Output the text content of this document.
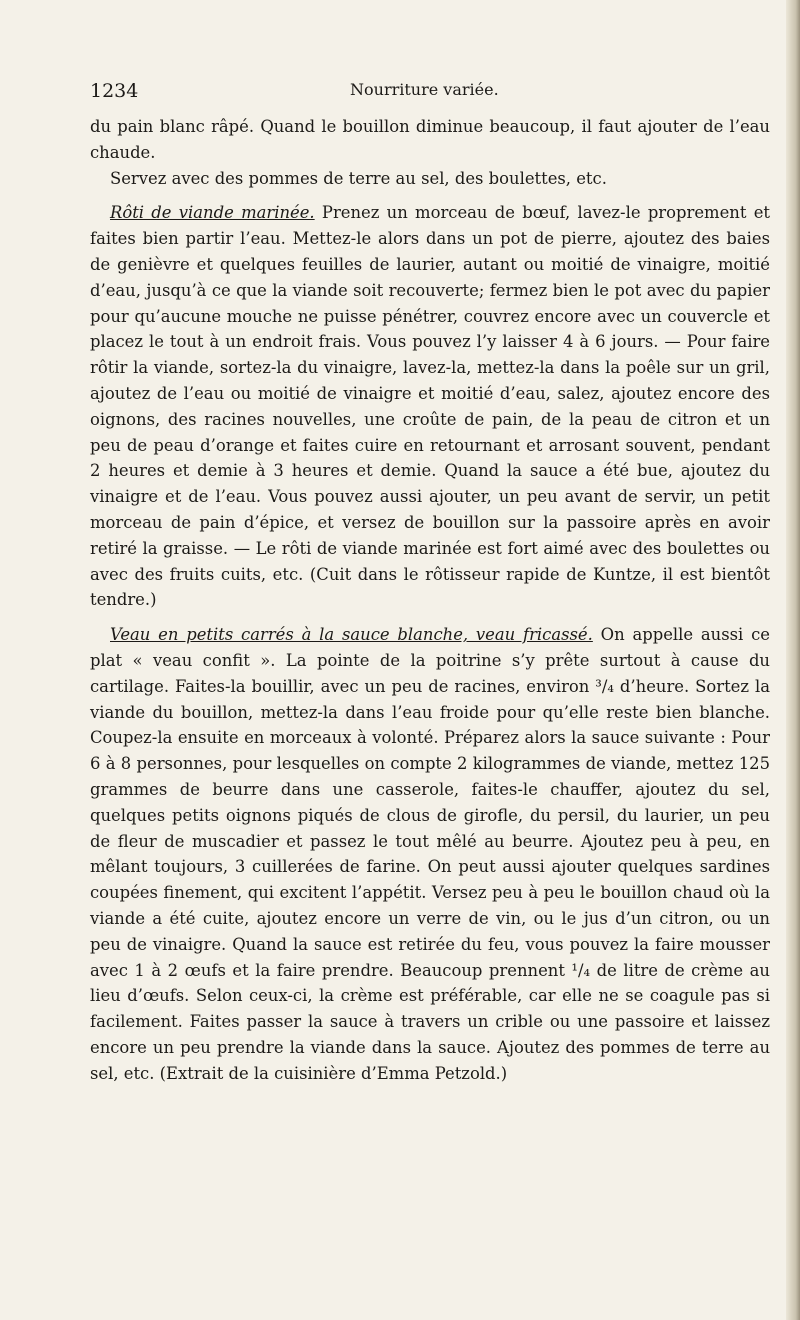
1234	Nourriture variée.

du pain blanc râpé. Quand le bouillon diminue beaucoup, il faut ajouter de l’eau chaude.

Servez avec des pommes de terre au sel, des boulettes, etc.

Rôti de viande marinée. Prenez un morceau de bœuf, lavez-le proprement et faites bien partir l’eau. Mettez-le alors dans un pot de pierre, ajoutez des baies de genièvre et quelques feuilles de laurier, autant ou moitié de vinaigre, moitié d’eau, jusqu’à ce que la viande soit recouverte; fermez bien le pot avec du papier pour qu’aucune mouche ne puisse pénétrer, couvrez encore avec un couvercle et placez le tout à un endroit frais. Vous pouvez l’y laisser 4 à 6 jours. — Pour faire rôtir la viande, sortez-la du vinaigre, lavez-la, mettez-la dans la poêle sur un gril, ajoutez de l’eau ou moitié de vinaigre et moitié d’eau, salez, ajoutez encore des oignons, des racines nouvelles, une croûte de pain, de la peau de citron et un peu de peau d’orange et faites cuire en retournant et arrosant souvent, pendant 2 heures et demie à 3 heures et demie. Quand la sauce a été bue, ajoutez du vinaigre et de l’eau. Vous pouvez aussi ajouter, un peu avant de servir, un petit morceau de pain d’épice, et versez de bouillon sur la passoire après en avoir retiré la graisse. — Le rôti de viande marinée est fort aimé avec des boulettes ou avec des fruits cuits, etc. (Cuit dans le rôtisseur rapide de Kuntze, il est bientôt tendre.)

Veau en petits carrés à la sauce blanche, veau fricassé. On appelle aussi ce plat « veau confit ». La pointe de la poitrine s’y prête surtout à cause du cartilage. Faites-la bouillir, avec un peu de racines, environ ³/₄ d’heure. Sortez la viande du bouillon, mettez-la dans l’eau froide pour qu’elle reste bien blanche. Coupez-la ensuite en morceaux à volonté. Préparez alors la sauce suivante : Pour 6 à 8 personnes, pour lesquelles on compte 2 kilogrammes de viande, mettez 125 grammes de beurre dans une casserole, faites-le chauffer, ajoutez du sel, quelques petits oignons piqués de clous de girofle, du persil, du laurier, un peu de fleur de muscadier et passez le tout mêlé au beurre. Ajoutez peu à peu, en mêlant toujours, 3 cuillerées de farine. On peut aussi ajouter quelques sardines coupées finement, qui excitent l’appétit. Versez peu à peu le bouillon chaud où la viande a été cuite, ajoutez encore un verre de vin, ou le jus d’un citron, ou un peu de vinaigre. Quand la sauce est retirée du feu, vous pouvez la faire mousser avec 1 à 2 œufs et la faire prendre. Beaucoup prennent ¹/₄ de litre de crème au lieu d’œufs. Selon ceux-ci, la crème est préférable, car elle ne se coagule pas si facilement. Faites passer la sauce à travers un crible ou une passoire et laissez encore un peu prendre la viande dans la sauce. Ajoutez des pommes de terre au sel, etc. (Extrait de la cuisinière d’Emma Petzold.)
